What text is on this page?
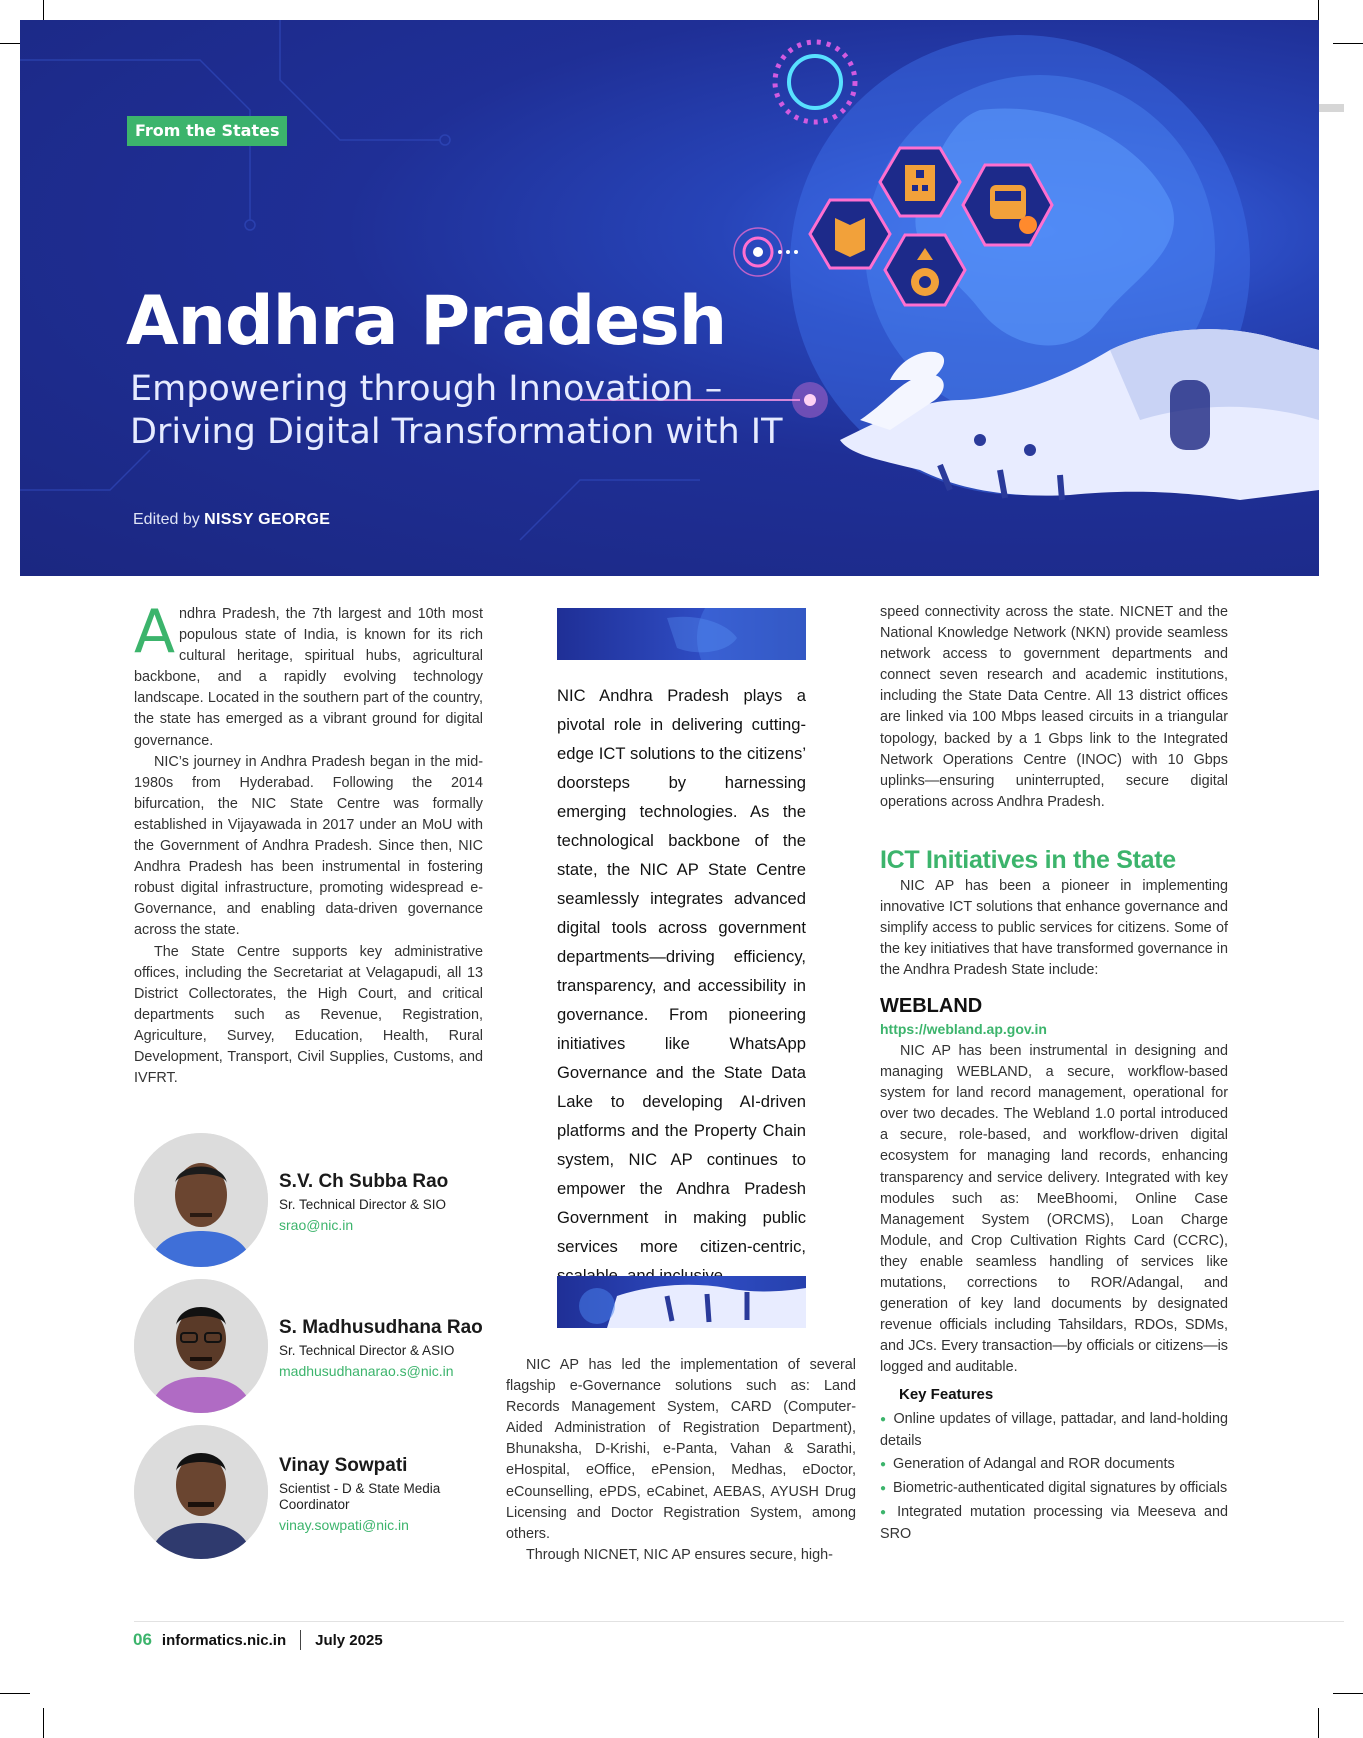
From the States
Andhra Pradesh
Empowering through Innovation –
Driving Digital Transformation with IT
Edited by NISSY GEORGE

Andhra Pradesh, the 7th largest and 10th most populous state of India, is known for its rich cultural heritage, spiritual hubs, agricultural backbone, and a rapidly evolving technology landscape. Located in the southern part of the country, the state has emerged as a vibrant ground for digital governance.

NIC’s journey in Andhra Pradesh began in the mid-1980s from Hyderabad. Following the 2014 bifurcation, the NIC State Centre was formally established in Vijayawada in 2017 under an MoU with the Government of Andhra Pradesh. Since then, NIC Andhra Pradesh has been instrumental in fostering robust digital infrastructure, promoting widespread e-Governance, and enabling data-driven governance across the state.

The State Centre supports key administrative offices, including the Secretariat at Velagapudi, all 13 District Collectorates, the High Court, and critical departments such as Revenue, Registration, Agriculture, Survey, Education, Health, Rural Development, Transport, Civil Supplies, Customs, and IVFRT.

S.V. Ch Subba Rao
Sr. Technical Director & SIO
srao@nic.in
S. Madhusudhana Rao
Sr. Technical Director & ASIO
madhusudhanarao.s@nic.in
Vinay Sowpati
Scientist - D & State Media Coordinator
vinay.sowpati@nic.in
NIC Andhra Pradesh plays a pivotal role in delivering cutting-edge ICT solutions to the citizens’ doorsteps by harnessing emerging technologies. As the technological backbone of the state, the NIC AP State Centre seamlessly integrates advanced digital tools across government departments—driving efficiency, transparency, and accessibility in governance. From pioneering initiatives like WhatsApp Governance and the State Data Lake to developing AI-driven platforms and the Property Chain system, NIC AP continues to empower the Andhra Pradesh Government in making public services more citizen-centric,

NIC AP has led the implementation of several flagship e-Governance solutions such as: Land Records Management System, CARD (Computer-Aided Administration of Registration Department), Bhunaksha, D-Krishi, e-Panta, Vahan & Sarathi, eHospital, eOffice, ePension, Medhas, eDoctor, eCounselling, ePDS, eCabinet, AEBAS, AYUSH Drug Licensing and Doctor Registration System, among others.

Through NICNET, NIC AP ensures secure, high-

speed connectivity across the state. NICNET and the National Knowledge Network (NKN) provide seamless network access to government departments and connect seven research and academic institutions, including the State Data Centre. All 13 district offices are linked via 100 Mbps leased circuits in a triangular topology, backed by a 1 Gbps link to the Integrated Network Operations Centre (INOC) with 10 Gbps uplinks—ensuring uninterrupted, secure digital operations across Andhra Pradesh.

ICT Initiatives in the State

NIC AP has been a pioneer in implementing innovative ICT solutions that enhance governance and simplify access to public services for citizens. Some of the key initiatives that have transformed governance in the Andhra Pradesh State include:

WEBLAND
https://webland.ap.gov.in

NIC AP has been instrumental in designing and managing WEBLAND, a secure, workflow-based system for land record management, operational for over two decades. The Webland 1.0 portal introduced a secure, role-based, and workflow-driven digital ecosystem for managing land records, enhancing transparency and service delivery. Integrated with key modules such as: MeeBhoomi, Online Case Management System (ORCMS), Loan Charge Module, and Crop Cultivation Rights Card (CCRC), they enable seamless handling of services like mutations, corrections to ROR/Adangal, and generation of key land documents by designated revenue officials including Tahsildars, RDOs, SDMs, and JCs. Every transaction—by officials or citizens—is logged and auditable.

Key Features
● Online updates of village, pattadar, and land-holding details
● Generation of Adangal and ROR documents
● Biometric-authenticated digital signatures by officials
● Integrated mutation processing via Meeseva and SRO
06 informatics.nic.in July 2025
